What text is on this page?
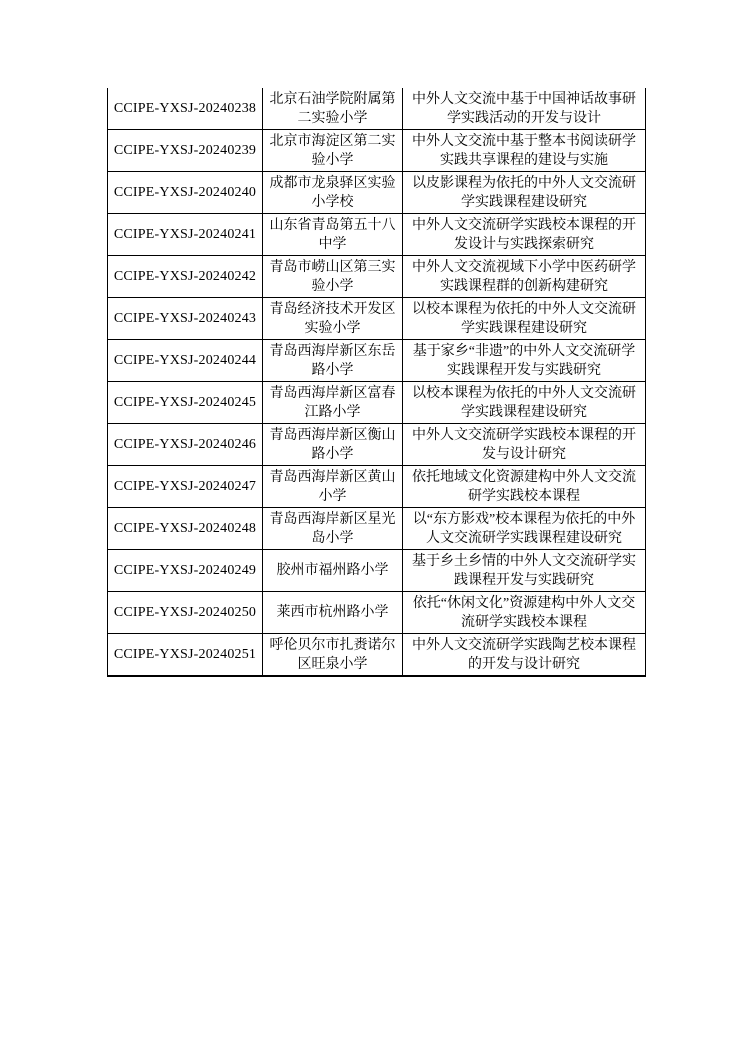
CCIPE-YXSJ-20240238	北京石油学院附属第二实验小学	中外人文交流中基于中国神话故事研学实践活动的开发与设计
CCIPE-YXSJ-20240239	北京市海淀区第二实验小学	中外人文交流中基于整本书阅读研学实践共享课程的建设与实施
CCIPE-YXSJ-20240240	成都市龙泉驿区实验小学校	以皮影课程为依托的中外人文交流研学实践课程建设研究
CCIPE-YXSJ-20240241	山东省青岛第五十八中学	中外人文交流研学实践校本课程的开发设计与实践探索研究
CCIPE-YXSJ-20240242	青岛市崂山区第三实验小学	中外人文交流视域下小学中医药研学实践课程群的创新构建研究
CCIPE-YXSJ-20240243	青岛经济技术开发区实验小学	以校本课程为依托的中外人文交流研学实践课程建设研究
CCIPE-YXSJ-20240244	青岛西海岸新区东岳路小学	基于家乡“非遗”的中外人文交流研学实践课程开发与实践研究
CCIPE-YXSJ-20240245	青岛西海岸新区富春江路小学	以校本课程为依托的中外人文交流研学实践课程建设研究
CCIPE-YXSJ-20240246	青岛西海岸新区衡山路小学	中外人文交流研学实践校本课程的开发与设计研究
CCIPE-YXSJ-20240247	青岛西海岸新区黄山小学	依托地域文化资源建构中外人文交流研学实践校本课程
CCIPE-YXSJ-20240248	青岛西海岸新区星光岛小学	以“东方影戏”校本课程为依托的中外人文交流研学实践课程建设研究
CCIPE-YXSJ-20240249	胶州市福州路小学	基于乡土乡情的中外人文交流研学实践课程开发与实践研究
CCIPE-YXSJ-20240250	莱西市杭州路小学	依托“休闲文化”资源建构中外人文交流研学实践校本课程
CCIPE-YXSJ-20240251	呼伦贝尔市扎赉诺尔区旺泉小学	中外人文交流研学实践陶艺校本课程的开发与设计研究
